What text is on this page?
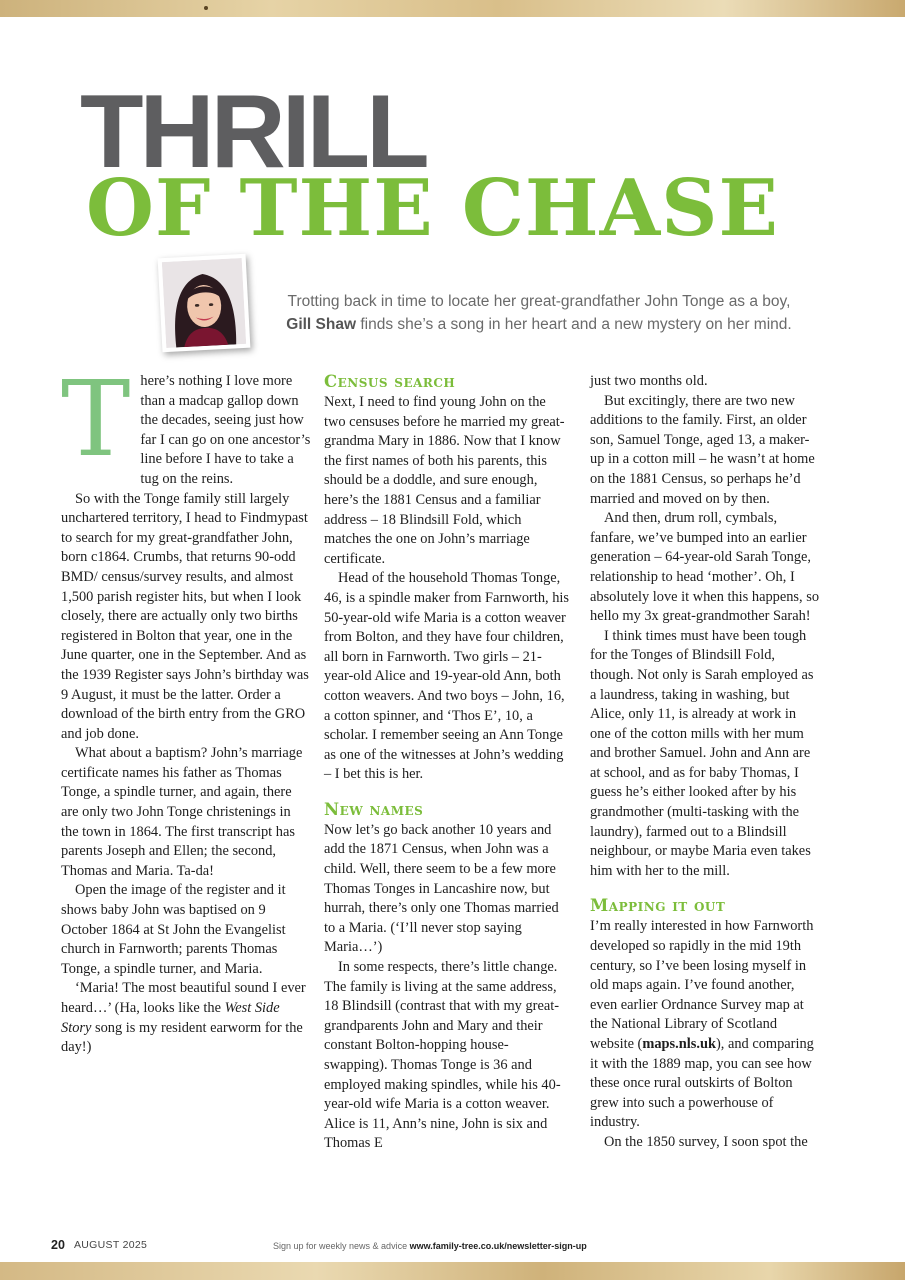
THRILL
OF THE CHASE
Trotting back in time to locate her great-grandfather John Tonge as a boy,
Gill Shaw finds she’s a song in her heart and a new mystery on her mind.

There’s nothing I love more than a madcap gallop down the decades, seeing just how far I can go on one ancestor’s line before I have to take a tug on the reins.

So with the Tonge family still largely unchartered territory, I head to Findmypast to search for my great-grandfather John, born c1864. Crumbs, that returns 90-odd BMD/ census/survey results, and almost 1,500 parish register hits, but when I look closely, there are actually only two births registered in Bolton that year, one in the June quarter, one in the September. And as the 1939 Register says John’s birthday was 9 August, it must be the latter. Order a download of the birth entry from the GRO and job done.

What about a baptism? John’s marriage certificate names his father as Thomas Tonge, a spindle turner, and again, there are only two John Tonge christenings in the town in 1864. The first transcript has parents Joseph and Ellen; the second, Thomas and Maria. Ta-da!

Open the image of the register and it shows baby John was baptised on 9 October 1864 at St John the Evangelist church in Farnworth; parents Thomas Tonge, a spindle turner, and Maria.

‘Maria! The most beautiful sound I ever heard…’ (Ha, looks like the West Side Story song is my resident earworm for the day!)

Census search

Next, I need to find young John on the two censuses before he married my great-grandma Mary in 1886. Now that I know the first names of both his parents, this should be a doddle, and sure enough, here’s the 1881 Census and a familiar address – 18 Blindsill Fold, which matches the one on John’s marriage certificate.

Head of the household Thomas Tonge, 46, is a spindle maker from Farnworth, his 50-year-old wife Maria is a cotton weaver from Bolton, and they have four children, all born in Farnworth. Two girls – 21-year-old Alice and 19-year-old Ann, both cotton weavers. And two boys – John, 16, a cotton spinner, and ‘Thos E’, 10, a scholar. I remember seeing an Ann Tonge as one of the witnesses at John’s wedding – I bet this is her.

New names

Now let’s go back another 10 years and add the 1871 Census, when John was a child. Well, there seem to be a few more Thomas Tonges in Lancashire now, but hurrah, there’s only one Thomas married to a Maria. (‘I’ll never stop saying Maria…’)

In some respects, there’s little change. The family is living at the same address, 18 Blindsill (contrast that with my great-grandparents John and Mary and their constant Bolton-hopping house-swapping). Thomas Tonge is 36 and employed making spindles, while his 40-year-old wife Maria is a cotton weaver. Alice is 11, Ann’s nine, John is six and Thomas E

just two months old.

But excitingly, there are two new additions to the family. First, an older son, Samuel Tonge, aged 13, a maker-up in a cotton mill – he wasn’t at home on the 1881 Census, so perhaps he’d married and moved on by then.

And then, drum roll, cymbals, fanfare, we’ve bumped into an earlier generation – 64-year-old Sarah Tonge, relationship to head ‘mother’. Oh, I absolutely love it when this happens, so hello my 3x great-grandmother Sarah!

I think times must have been tough for the Tonges of Blindsill Fold, though. Not only is Sarah employed as a laundress, taking in washing, but Alice, only 11, is already at work in one of the cotton mills with her mum and brother Samuel. John and Ann are at school, and as for baby Thomas, I guess he’s either looked after by his grandmother (multi-tasking with the laundry), farmed out to a Blindsill neighbour, or maybe Maria even takes him with her to the mill.

Mapping it out

I’m really interested in how Farnworth developed so rapidly in the mid 19th century, so I’ve been losing myself in old maps again. I’ve found another, even earlier Ordnance Survey map at the National Library of Scotland website (maps.nls.uk), and comparing it with the 1889 map, you can see how these once rural outskirts of Bolton grew into such a powerhouse of industry.

On the 1850 survey, I soon spot the

20 AUGUST 2025	Sign up for weekly news & advice www.family-tree.co.uk/newsletter-sign-up
